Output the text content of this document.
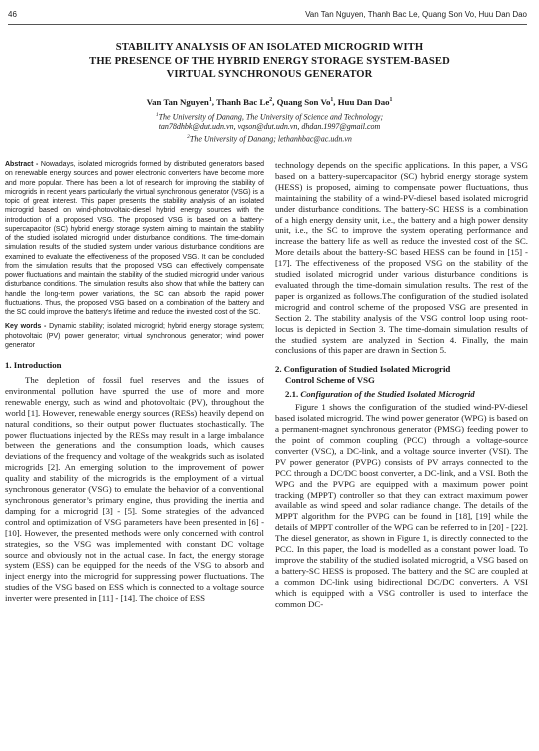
46	Van Tan Nguyen, Thanh Bac Le, Quang Son Vo, Huu Dan Dao
STABILITY ANALYSIS OF AN ISOLATED MICROGRID WITH
THE PRESENCE OF THE HYBRID ENERGY STORAGE SYSTEM-BASED
VIRTUAL SYNCHRONOUS GENERATOR
Van Tan Nguyen$^1$, Thanh Bac Le$^2$, Quang Son Vo$^1$, Huu Dan Dao$^1$
$^1$The University of Danang, The University of Science and Technology;
tan78dhbk@dut.udn.vn, vqson@dut.udn.vn, dhdan.1997@gmail.com
$^2$The University of Danang; lethanhbac@ac.udn.vn
Abstract - Nowadays, isolated microgrids formed by distributed generators based on renewable energy sources and power electronic converters have become more and more popular. There has been a lot of research for improving the stability of microgrids in recent years particularly the virtual synchronous generator (VSG) is a topic of great interest. This paper presents the stability analysis of an isolated microgrid based on wind-photovoltaic-diesel hybrid energy sources with the introduction of a proposed VSG. The proposed VSG is based on a battery-supercapacitor (SC) hybrid energy storage system aiming to maintain the stability of the studied isolated microgrid under disturbance conditions. The time-domain simulation results of the studied system under various disturbance conditions are examined to evaluate the effectiveness of the proposed VSG. It can be concluded from the simulation results that the proposed VSG can effectively compensate power fluctuations and maintain the stability of the studied microgrid under various disturbance conditions. The simulation results also show that while the battery can handle the long-term power variations, the SC can absorb the rapid power fluctuations. Thus, the proposed VSG based on a combination of the battery and the SC could improve the battery's lifetime and reduce the invested cost of the SC.
Key words - Dynamic stability; isolated microgrid; hybrid energy storage system; photovoltaic (PV) power generator; virtual synchronous generator; wind power generator
1. Introduction
The depletion of fossil fuel reserves and the issues of environmental pollution have spurred the use of more and more renewable energy, such as wind and photovoltaic (PV), throughout the world [1]. However, renewable energy sources (RESs) heavily depend on natural conditions, so their output power fluctuates stochastically. The power fluctuations injected by the RESs may result in a large imbalance between the generations and the consumption loads, which causes deviations of the frequency and voltage of the weakgrids such as isolated microgrids [2]. An emerging solution to the improvement of power quality and stability of the microgrids is the employment of a virtual synchronous generator (VSG) to emulate the behavior of a conventional synchronous generator’s primary engine, thus providing the inertia and damping for a microgrid [3] - [5]. Some strategies of the advanced control and optimization of VSG parameters have been presented in [6] - [10]. However, the presented methods were only concerned with control strategies, so the VSG was implemented with constant DC voltage source and obviously not in the actual case. In fact, the energy storage system (ESS) can be equipped for the needs of the VSG to absorb and inject energy into the microgrid for suppressing power fluctuations. The studies of the VSG based on ESS which is connected to a voltage source inverter were presented in [11] - [14]. The choice of ESS
technology depends on the specific applications. In this paper, a VSG based on a battery-supercapacitor (SC) hybrid energy storage system (HESS) is proposed, aiming to compensate power fluctuations, thus maintaining the stability of a wind-PV-diesel based isolated microgrid under disturbance conditions. The battery-SC HESS is a combination of a high energy density unit, i.e., the battery and a high power density unit, i.e., the SC to improve the system operating performance and increase the battery life as well as reduce the invested cost of the SC. More details about the battery-SC based HESS can be found in [15] - [17]. The effectiveness of the proposed VSG on the stability of the studied isolated microgrid under various disturbance conditions is evaluated through the time-domain simulation results. The rest of the paper is organized as follows.The configuration of the studied isolated microgrid and control scheme of the proposed VSG are presented in Section 2. The stability analysis of the VSG control loop using root-locus is depicted in Section 3. The time-domain simulation results of the studied system are analyzed in Section 4. Finally, the main conclusions of this paper are drawn in Section 5.
2. Configuration of Studied Isolated Microgrid
Control Scheme of VSG
2.1. Configuration of the Studied Isolated Microgrid
Figure 1 shows the configuration of the studied wind-PV-diesel based isolated microgrid. The wind power generator (WPG) is based on a permanent-magnet synchronous generator (PMSG) feeding power to the point of common coupling (PCC) through a voltage-source converter (VSC), a DC-link, and a voltage source inverter (VSI). The PV power generator (PVPG) consists of PV arrays connected to the PCC through a DC/DC boost converter, a DC-link, and a VSI. Both the WPG and the PVPG are equipped with a maximum power point tracking (MPPT) controller so that they can extract maximum power available as wind speed and solar radiance change. The details of the MPPT algorithm for the PVPG can be found in [18], [19] while the details of MPPT controller of the WPG can be referred to in [20] - [22]. The diesel generator, as shown in Figure 1, is directly connected to the PCC. In this paper, the load is modelled as a constant power load. To improve the stability of the studied isolated microgrid, a VSG based on a battery-SC HESS is proposed. The battery and the SC are coupled at a common DC-link using bidirectional DC/DC converters. A VSI which is equipped with a VSG controller is used to interface the common DC-
